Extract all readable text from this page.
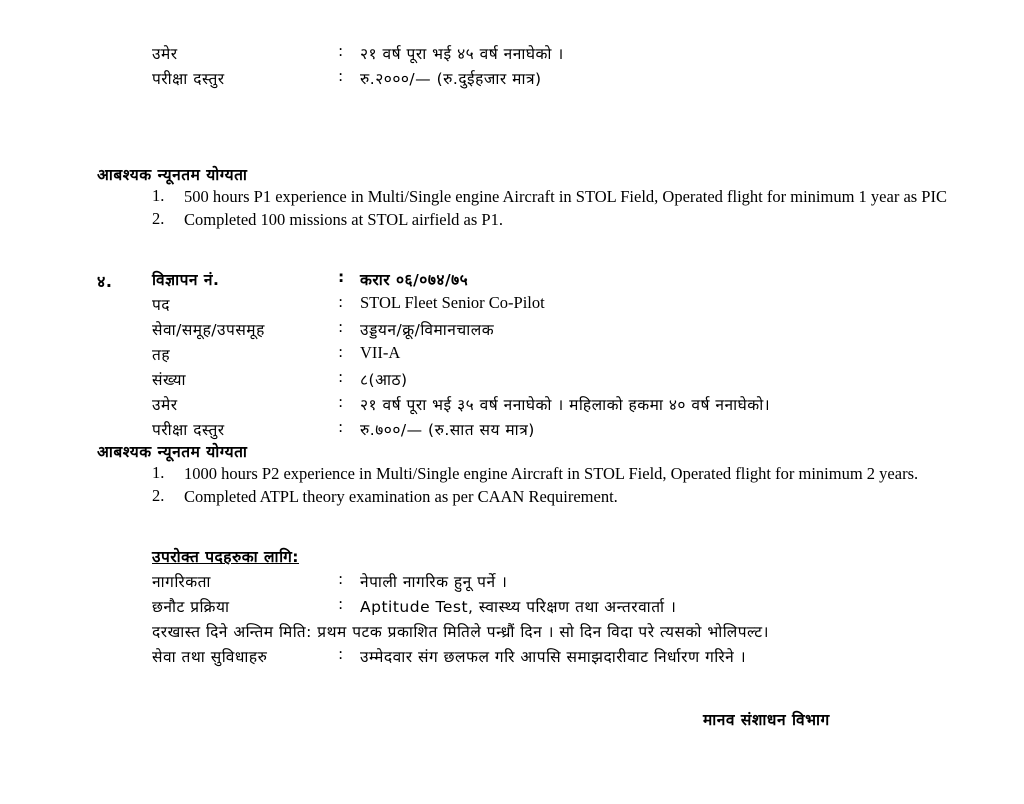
उमेर	:	२१ वर्ष पूरा भई ४५ वर्ष ननाघेको ।
परीक्षा दस्तुर	:	रु.२०००/— (रु.दुईहजार मात्र)
आबश्यक न्यूनतम योग्यता
1.	500 hours P1 experience in Multi/Single engine Aircraft in STOL Field, Operated flight for minimum 1 year as PIC
2.	Completed 100 missions at STOL airfield as P1.
४.	विज्ञापन नं.	: करार ०६/०७४/७५
पद	: STOL Fleet Senior Co-Pilot
सेवा/समूह/उपसमूह	:	उड्डयन/क्रू/विमानचालक
तह	: VII-A
संख्या	:	८(आठ)
उमेर	:	२१ वर्ष पूरा भई ३५ वर्ष ननाघेको । महिलाको हकमा ४० वर्ष ननाघेको।
परीक्षा दस्तुर	:	रु.७००/— (रु.सात सय मात्र)
आबश्यक न्यूनतम योग्यता
1.	1000 hours P2 experience in Multi/Single engine Aircraft in STOL Field, Operated flight for minimum 2 years.
2.	Completed ATPL theory examination as per CAAN Requirement.
उपरोक्त पदहरुका लागि:
नागरिकता	:	नेपाली नागरिक हुनू पर्ने ।
छनौट प्रक्रिया	:	Aptitude Test, स्वास्थ्य परिक्षण तथा अन्तरवार्ता ।
दरखास्त दिने अन्तिम मिति: प्रथम पटक प्रकाशित मितिले पन्ध्रौं दिन । सो दिन विदा परे त्यसको भोलिपल्ट।
सेवा तथा सुविधाहरु	:	उम्मेदवार संग छलफल गरि आपसि समाझदारीवाट निर्धारण गरिने ।
मानव संशाधन विभाग
